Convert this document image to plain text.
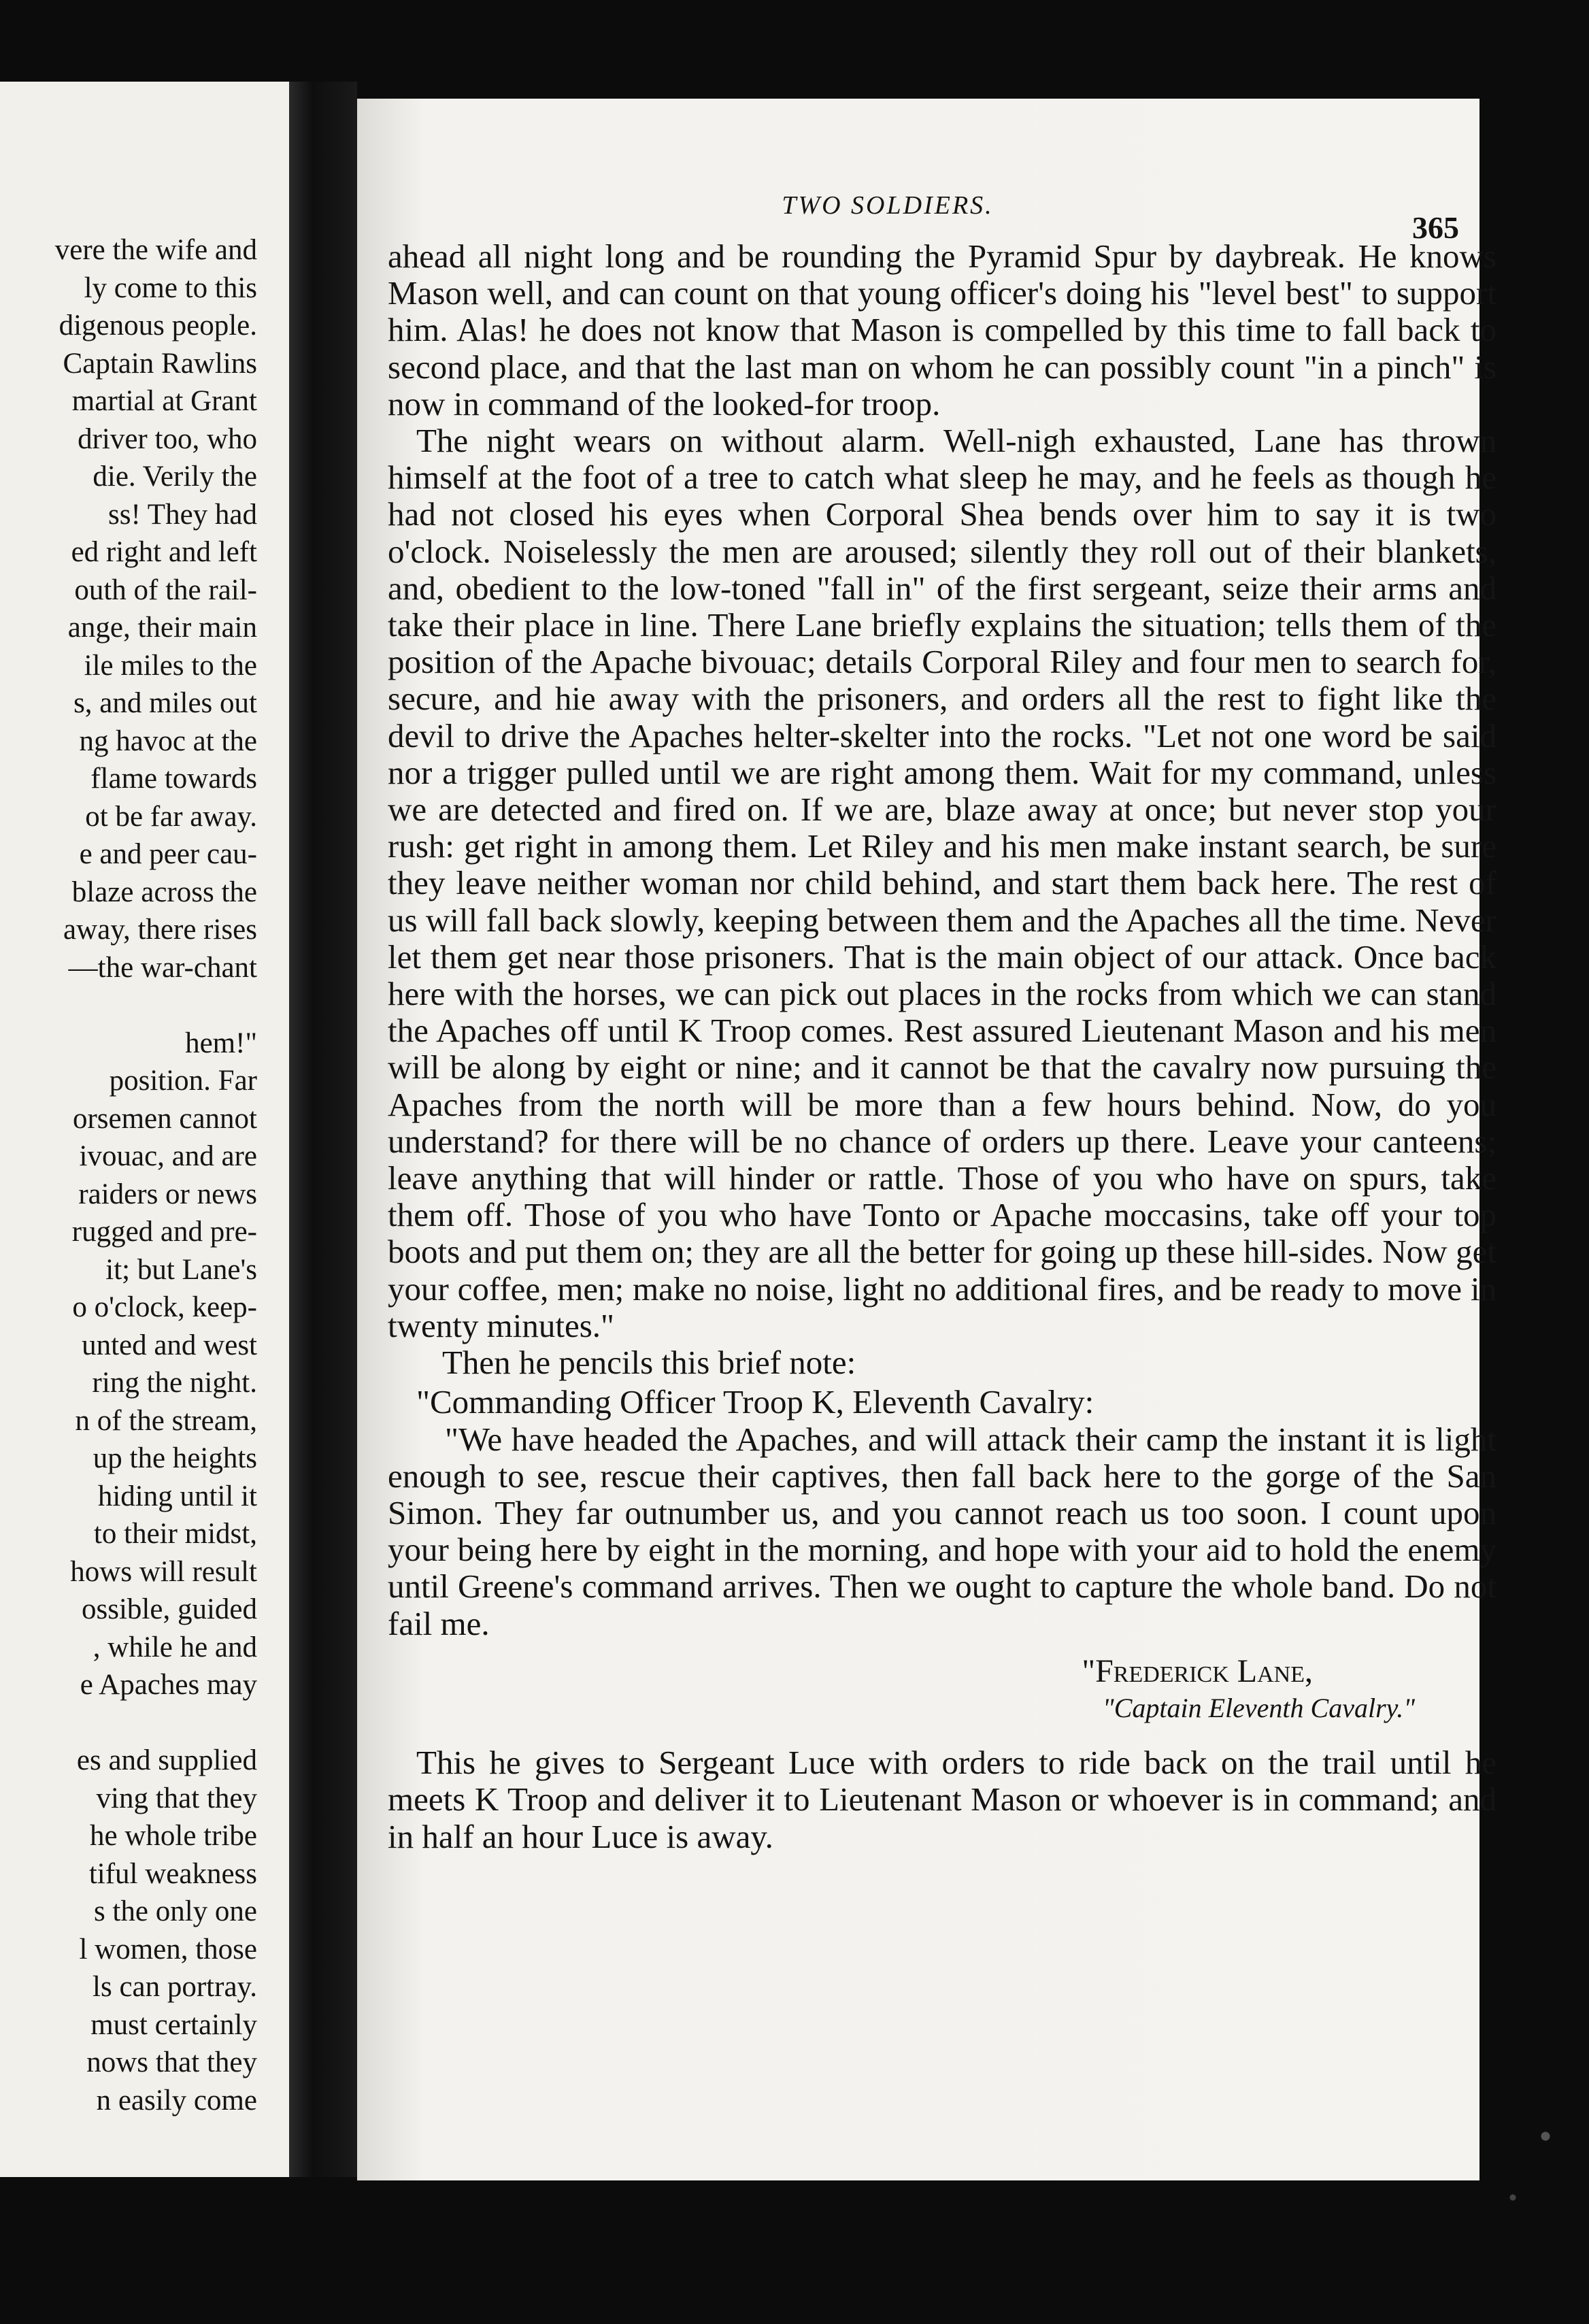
vere the wife and
ly come to this
digenous people.
Captain Rawlins
martial at Grant
driver too, who
die. Verily the
ss! They had
ed right and left
outh of the rail-
ange, their main
ile miles to the
s, and miles out
ng havoc at the
flame towards
ot be far away.
e and peer cau-
blaze across the
away, there rises
—the war-chant
hem!"
position. Far
orsemen cannot
ivouac, and are
raiders or news
rugged and pre-
it; but Lane's
o o'clock, keep-
unted and west
ring the night.
n of the stream,
up the heights
hiding until it
to their midst,
hows will result
ossible, guided
, while he and
e Apaches may
es and supplied
ving that they
he whole tribe
tiful weakness
s the only one
l women, those
ls can portray.
must certainly
nows that they
n easily come
TWO SOLDIERS.
365

ahead all night long and be rounding the Pyramid Spur by daybreak. He knows Mason well, and can count on that young officer's doing his "level best" to support him. Alas! he does not know that Mason is compelled by this time to fall back to second place, and that the last man on whom he can possibly count "in a pinch" is now in command of the looked-for troop.

The night wears on without alarm. Well-nigh exhausted, Lane has thrown himself at the foot of a tree to catch what sleep he may, and he feels as though he had not closed his eyes when Corporal Shea bends over him to say it is two o'clock. Noiselessly the men are aroused; silently they roll out of their blankets, and, obedient to the low-toned "fall in" of the first sergeant, seize their arms and take their place in line. There Lane briefly explains the situation; tells them of the position of the Apache bivouac; details Corporal Riley and four men to search for, secure, and hie away with the prisoners, and orders all the rest to fight like the devil to drive the Apaches helter-skelter into the rocks. "Let not one word be said nor a trigger pulled until we are right among them. Wait for my command, unless we are detected and fired on. If we are, blaze away at once; but never stop your rush: get right in among them. Let Riley and his men make instant search, be sure they leave neither woman nor child behind, and start them back here. The rest of us will fall back slowly, keeping between them and the Apaches all the time. Never let them get near those prisoners. That is the main object of our attack. Once back here with the horses, we can pick out places in the rocks from which we can stand the Apaches off until K Troop comes. Rest assured Lieutenant Mason and his men will be along by eight or nine; and it cannot be that the cavalry now pursuing the Apaches from the north will be more than a few hours behind. Now, do you understand? for there will be no chance of orders up there. Leave your canteens; leave anything that will hinder or rattle. Those of you who have on spurs, take them off. Those of you who have Tonto or Apache moccasins, take off your top boots and put them on; they are all the better for going up these hill-sides. Now get your coffee, men; make no noise, light no additional fires, and be ready to move in twenty minutes."

Then he pencils this brief note:

"Commanding Officer Troop K, Eleventh Cavalry:

"We have headed the Apaches, and will attack their camp the instant it is light enough to see, rescue their captives, then fall back here to the gorge of the San Simon. They far outnumber us, and you cannot reach us too soon. I count upon your being here by eight in the morning, and hope with your aid to hold the enemy until Greene's command arrives. Then we ought to capture the whole band. Do not fail me.

"Frederick Lane,

"Captain Eleventh Cavalry."

This he gives to Sergeant Luce with orders to ride back on the trail until he meets K Troop and deliver it to Lieutenant Mason or whoever is in command; and in half an hour Luce is away.
